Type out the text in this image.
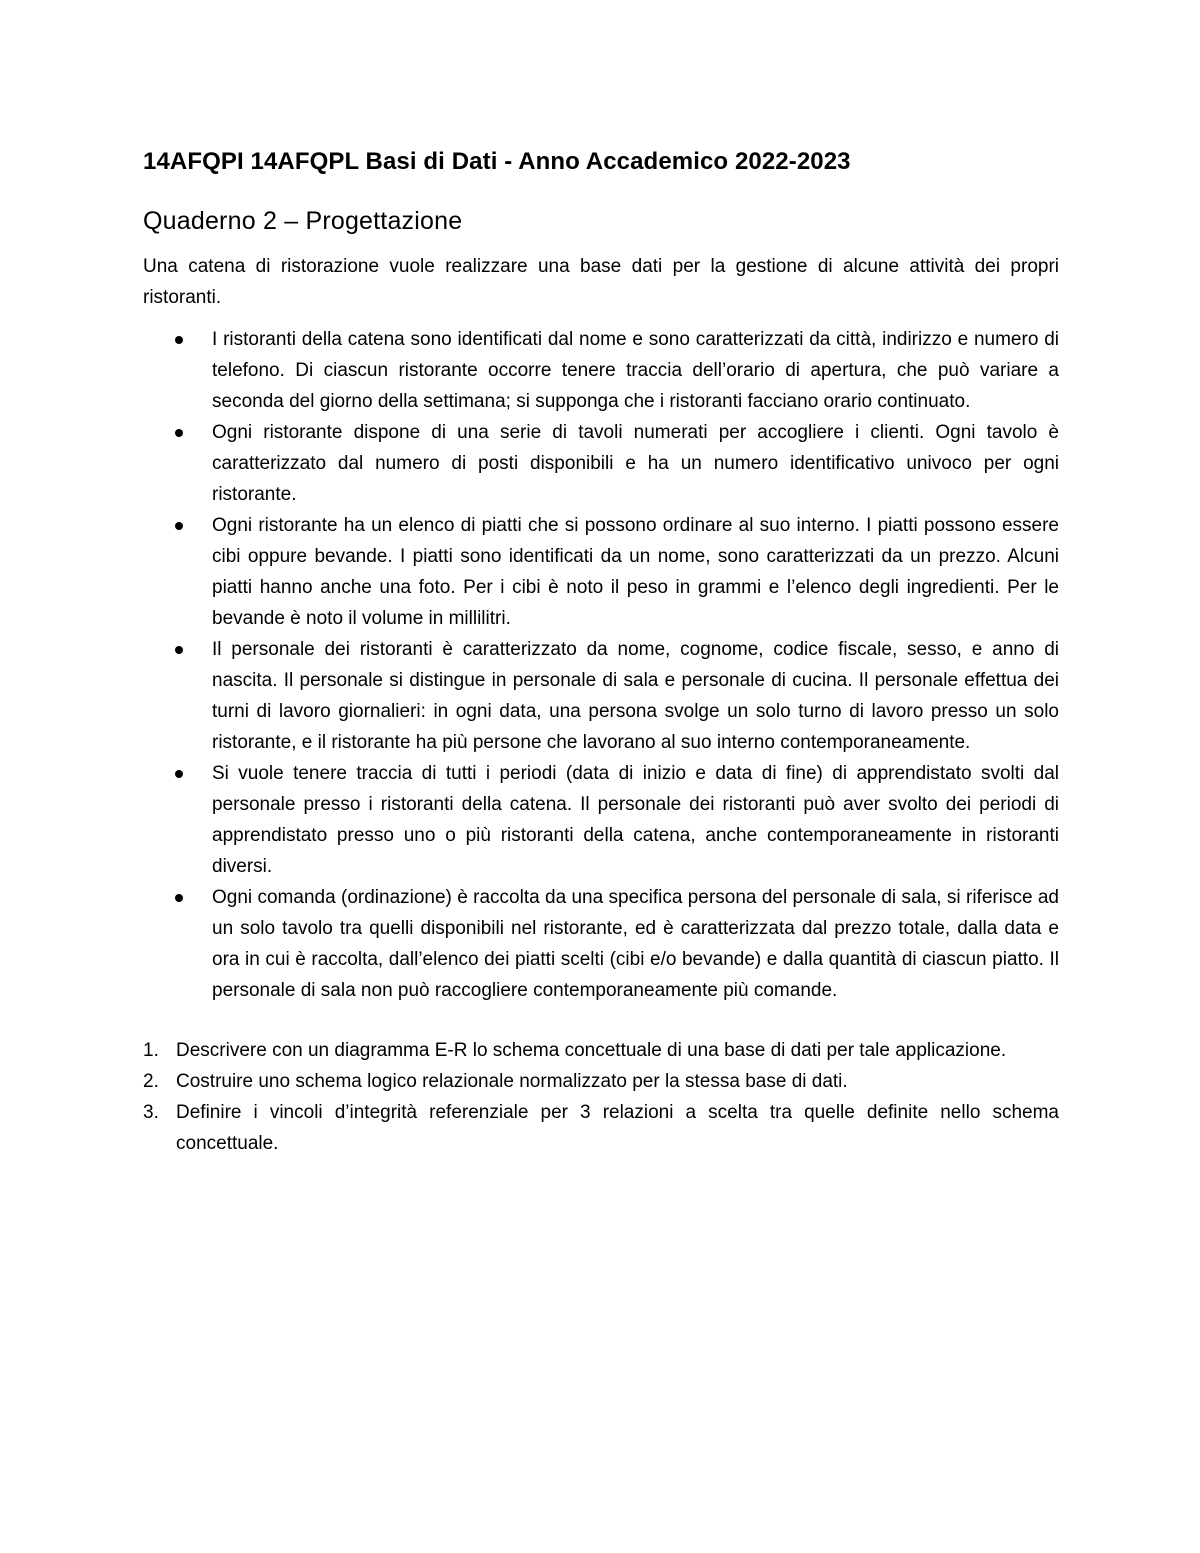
14AFQPI 14AFQPL Basi di Dati - Anno Accademico 2022-2023
Quaderno 2 – Progettazione

Una catena di ristorazione vuole realizzare una base dati per la gestione di alcune attività dei propri ristoranti.

I ristoranti della catena sono identificati dal nome e sono caratterizzati da città, indirizzo e numero di telefono. Di ciascun ristorante occorre tenere traccia dell’orario di apertura, che può variare a seconda del giorno della settimana; si supponga che i ristoranti facciano orario continuato.
Ogni ristorante dispone di una serie di tavoli numerati per accogliere i clienti. Ogni tavolo è caratterizzato dal numero di posti disponibili e ha un numero identificativo univoco per ogni ristorante.
Ogni ristorante ha un elenco di piatti che si possono ordinare al suo interno. I piatti possono essere cibi oppure bevande. I piatti sono identificati da un nome, sono caratterizzati da un prezzo. Alcuni piatti hanno anche una foto. Per i cibi è noto il peso in grammi e l’elenco degli ingredienti. Per le bevande è noto il volume in millilitri.
Il personale dei ristoranti è caratterizzato da nome, cognome, codice fiscale, sesso, e anno di nascita. Il personale si distingue in personale di sala e personale di cucina. Il personale effettua dei turni di lavoro giornalieri: in ogni data, una persona svolge un solo turno di lavoro presso un solo ristorante, e il ristorante ha più persone che lavorano al suo interno contemporaneamente.
Si vuole tenere traccia di tutti i periodi (data di inizio e data di fine) di apprendistato svolti dal personale presso i ristoranti della catena. Il personale dei ristoranti può aver svolto dei periodi di apprendistato presso uno o più ristoranti della catena, anche contemporaneamente in ristoranti diversi.
Ogni comanda (ordinazione) è raccolta da una specifica persona del personale di sala, si riferisce ad un solo tavolo tra quelli disponibili nel ristorante, ed è caratterizzata dal prezzo totale, dalla data e ora in cui è raccolta, dall’elenco dei piatti scelti (cibi e/o bevande) e dalla quantità di ciascun piatto. Il personale di sala non può raccogliere contemporaneamente più comande.
1. Descrivere con un diagramma E-R lo schema concettuale di una base di dati per tale applicazione.
2. Costruire uno schema logico relazionale normalizzato per la stessa base di dati.
3. Definire i vincoli d’integrità referenziale per 3 relazioni a scelta tra quelle definite nello schema concettuale.
